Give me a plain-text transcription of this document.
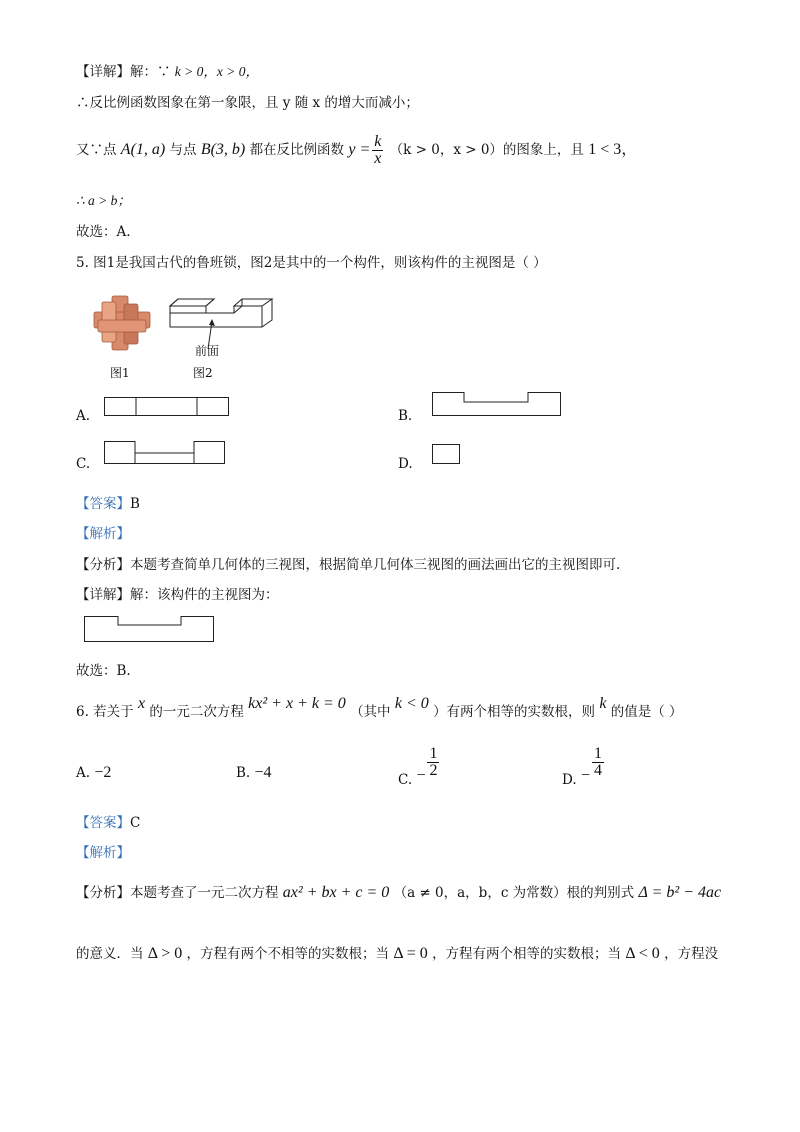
【详解】解：∵ k > 0，x > 0，
∴反比例函数图象在第一象限，且 y 随 x 的增大而减小；
又∵点 A(1, a) 与点 B(3, b) 都在反比例函数 $y = \frac{k}{x} (k > 0$，x > 0）的图象上，且 1 < 3，
∴ a > b；
故选：A.
5. 图1是我国古代的鲁班锁，图2是其中的一个构件，则该构件的主视图是（ ）
前面
图1	图2
A.	B.
C.	D.
【答案】B
【解析】
【分析】本题考查简单几何体的三视图，根据简单几何体三视图的画法画出它的主视图即可.
【详解】解：该构件的主视图为：
故选：B.
6. 若关于 x 的一元二次方程 kx² + x + k = 0 （其中 k < 0 ）有两个相等的实数根，则 k 的值是（ ）
A. −2	B. −4	C. − $\frac{1}{2}$
D. − $\frac{1}{4}$
【答案】C
【解析】
【分析】本题考查了一元二次方程 ax² + bx + c = 0 （a ≠ 0，a，b，c 为常数）根的判别式 Δ = b² − 4ac
的意义．当 Δ > 0 ，方程有两个不相等的实数根；当 Δ = 0 ，方程有两个相等的实数根；当 Δ < 0 ，方程没
